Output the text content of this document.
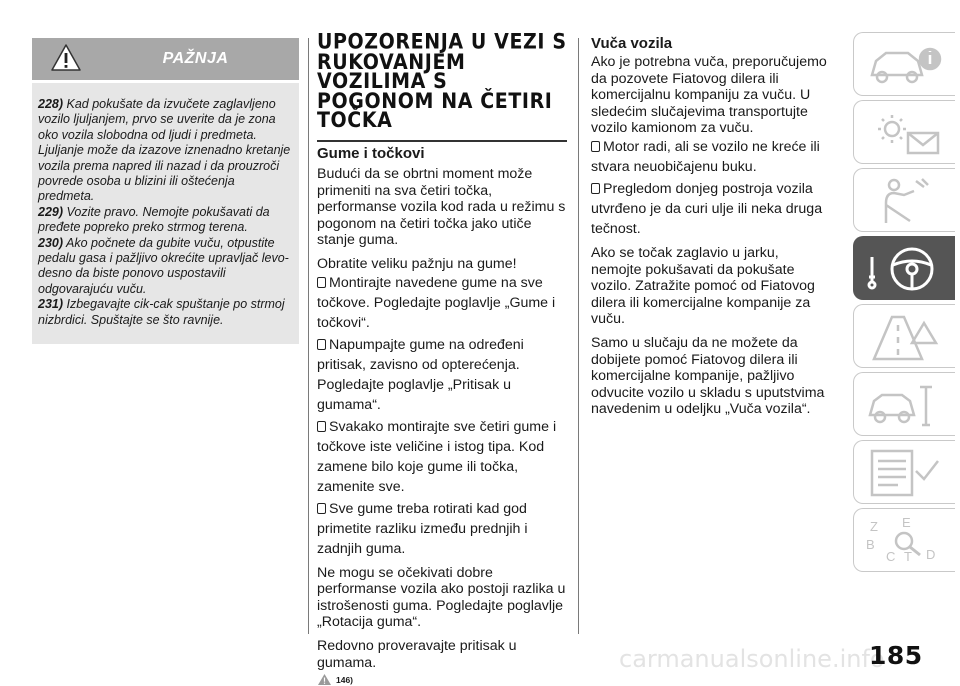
PAŽNJA
228) Kad pokušate da izvučete zaglavljeno vozilo ljuljanjem, prvo se uverite da je zona oko vozila slobodna od ljudi i predmeta. Ljuljanje može da izazove iznenadno kretanje vozila prema napred ili nazad i da prouzroči povrede osoba u blizini ili oštećenja predmeta.
229) Vozite pravo. Nemojte pokušavati da pređete popreko preko strmog terena.
230) Ako počnete da gubite vuču, otpustite pedalu gasa i pažljivo okrećite upravljač levo-desno da biste ponovo uspostavili odgovarajuću vuču.
231) Izbegavajte cik-cak spuštanje po strmoj nizbrdici. Spuštajte se što ravnije.
UPOZORENJA U VEZI S RUKOVANJEM VOZILIMA S POGONOM NA ČETIRI TOČKA
Gume i točkovi
Budući da se obrtni moment može primeniti na sva četiri točka, performanse vozila kod rada u režimu s pogonom na četiri točka jako utiče stanje guma.
Obratite veliku pažnju na gume!
Montirajte navedene gume na sve točkove. Pogledajte poglavlje „Gume i točkovi“.
Napumpajte gume na određeni pritisak, zavisno od opterećenja. Pogledajte poglavlje „Pritisak u gumama“.
Svakako montirajte sve četiri gume i točkove iste veličine i istog tipa. Kod zamene bilo koje gume ili točka, zamenite sve.
Sve gume treba rotirati kad god primetite razliku između prednjih i zadnjih guma.
Ne mogu se očekivati dobre performanse vozila ako postoji razlika u istrošenosti guma. Pogledajte poglavlje „Rotacija guma“.
Redovno proveravajte pritisak u gumama.
146)
Vuča vozila
Ako je potrebna vuča, preporučujemo da pozovete Fiatovog dilera ili komercijalnu kompaniju za vuču. U sledećim slučajevima transportujte vozilo kamionom za vuču.
Motor radi, ali se vozilo ne kreće ili stvara neuobičajenu buku.
Pregledom donjeg postroja vozila utvrđeno je da curi ulje ili neka druga tečnost.
Ako se točak zaglavio u jarku, nemojte pokušavati da pokušate vozilo. Zatražite pomoć od Fiatovog dilera ili komercijalne kompanije za vuču.
Samo u slučaju da ne možete da dobijete pomoć Fiatovog dilera ili komercijalne kompanije, pažljivo odvucite vozilo u skladu s uputstvima navedenim u odeljku „Vuča vozila“.
Z E
B
C T D
carmanualsonline.info
185
